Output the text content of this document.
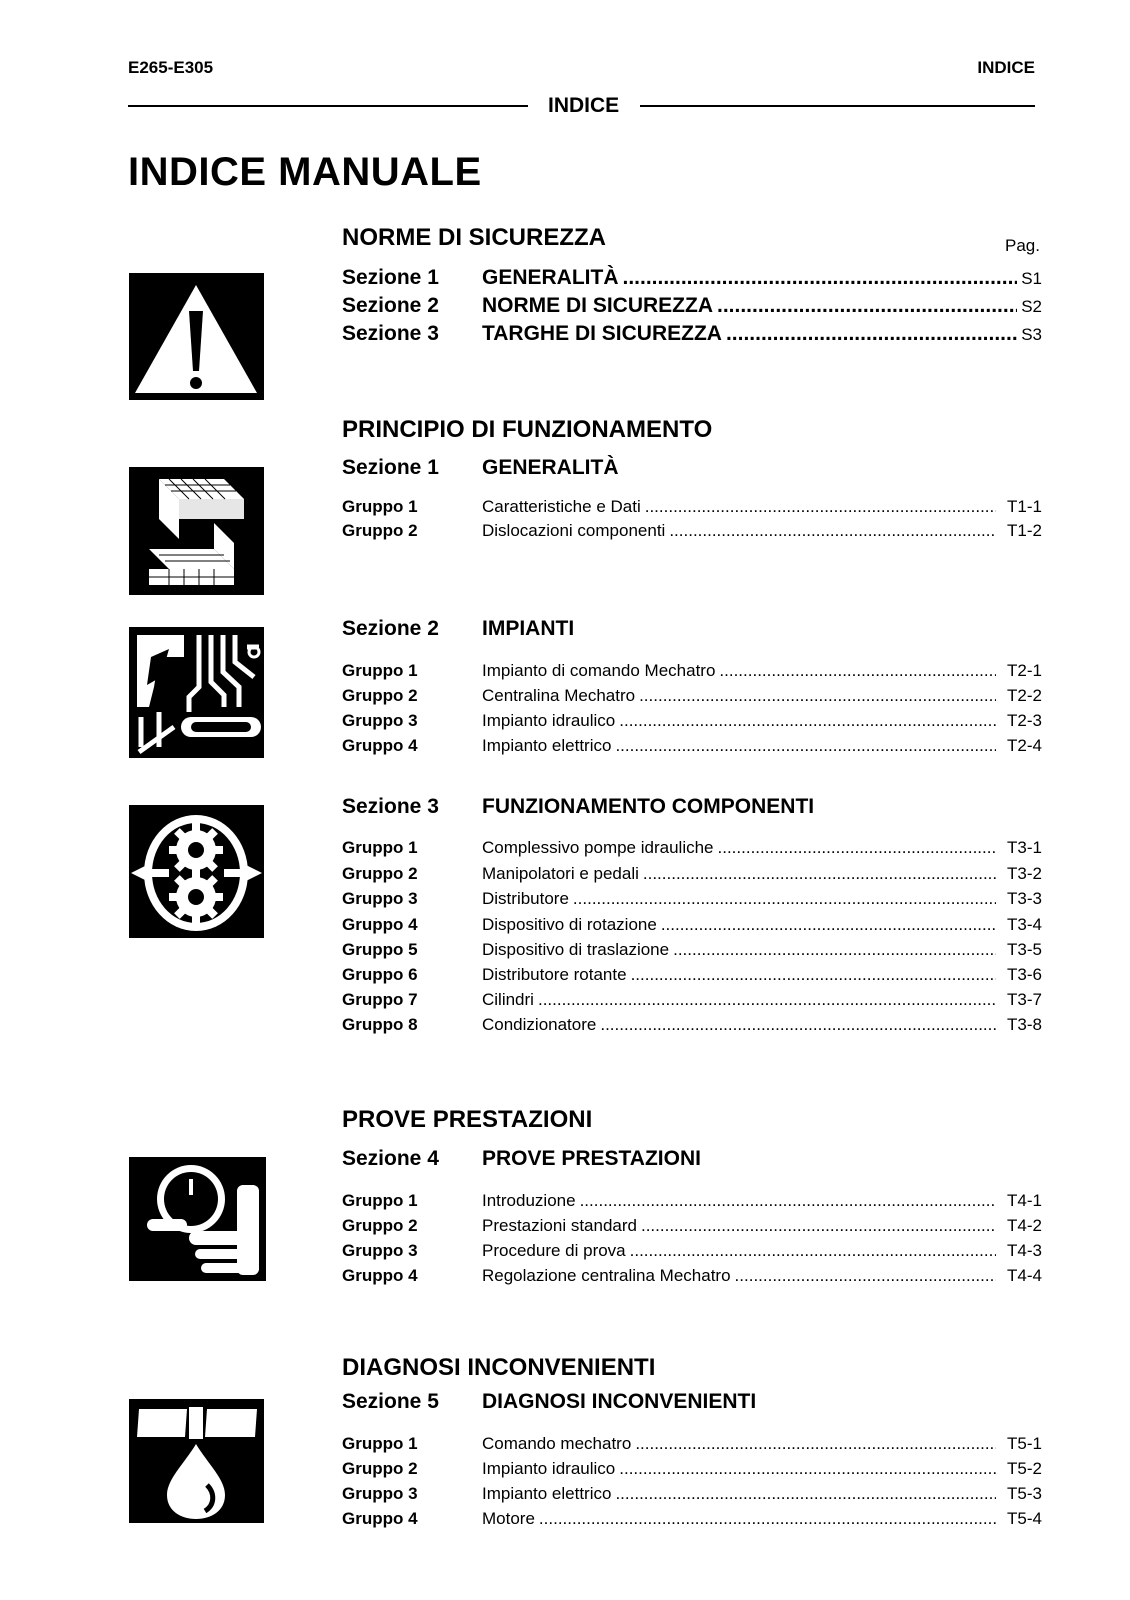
E265-E305	INDICE
INDICE
INDICE MANUALE
NORME DI SICUREZZA	Pag.
Sezione 1	GENERALITÀ .....	S1
Sezione 2	NORME DI SICUREZZA .....	S2
Sezione 3	TARGHE DI SICUREZZA .....	S3
PRINCIPIO DI FUNZIONAMENTO
Sezione 1	GENERALITÀ
Gruppo 1	Caratteristiche e Dati .....	T1-1
Gruppo 2	Dislocazioni componenti .....	T1-2
Sezione 2	IMPIANTI
Gruppo 1	Impianto di comando Mechatro .....	T2-1
Gruppo 2	Centralina Mechatro .....	T2-2
Gruppo 3	Impianto idraulico .....	T2-3
Gruppo 4	Impianto elettrico .....	T2-4
Sezione 3	FUNZIONAMENTO COMPONENTI
Gruppo 1	Complessivo pompe idrauliche .....	T3-1
Gruppo 2	Manipolatori e pedali .....	T3-2
Gruppo 3	Distributore .....	T3-3
Gruppo 4	Dispositivo di rotazione .....	T3-4
Gruppo 5	Dispositivo di traslazione .....	T3-5
Gruppo 6	Distributore rotante .....	T3-6
Gruppo 7	Cilindri .....	T3-7
Gruppo 8	Condizionatore .....	T3-8
PROVE PRESTAZIONI
Sezione 4	PROVE PRESTAZIONI
Gruppo 1	Introduzione .....	T4-1
Gruppo 2	Prestazioni standard .....	T4-2
Gruppo 3	Procedure di prova .....	T4-3
Gruppo 4	Regolazione centralina Mechatro .....	T4-4
DIAGNOSI INCONVENIENTI
Sezione 5	DIAGNOSI INCONVENIENTI
Gruppo 1	Comando mechatro .....	T5-1
Gruppo 2	Impianto idraulico .....	T5-2
Gruppo 3	Impianto elettrico .....	T5-3
Gruppo 4	Motore .....	T5-4
